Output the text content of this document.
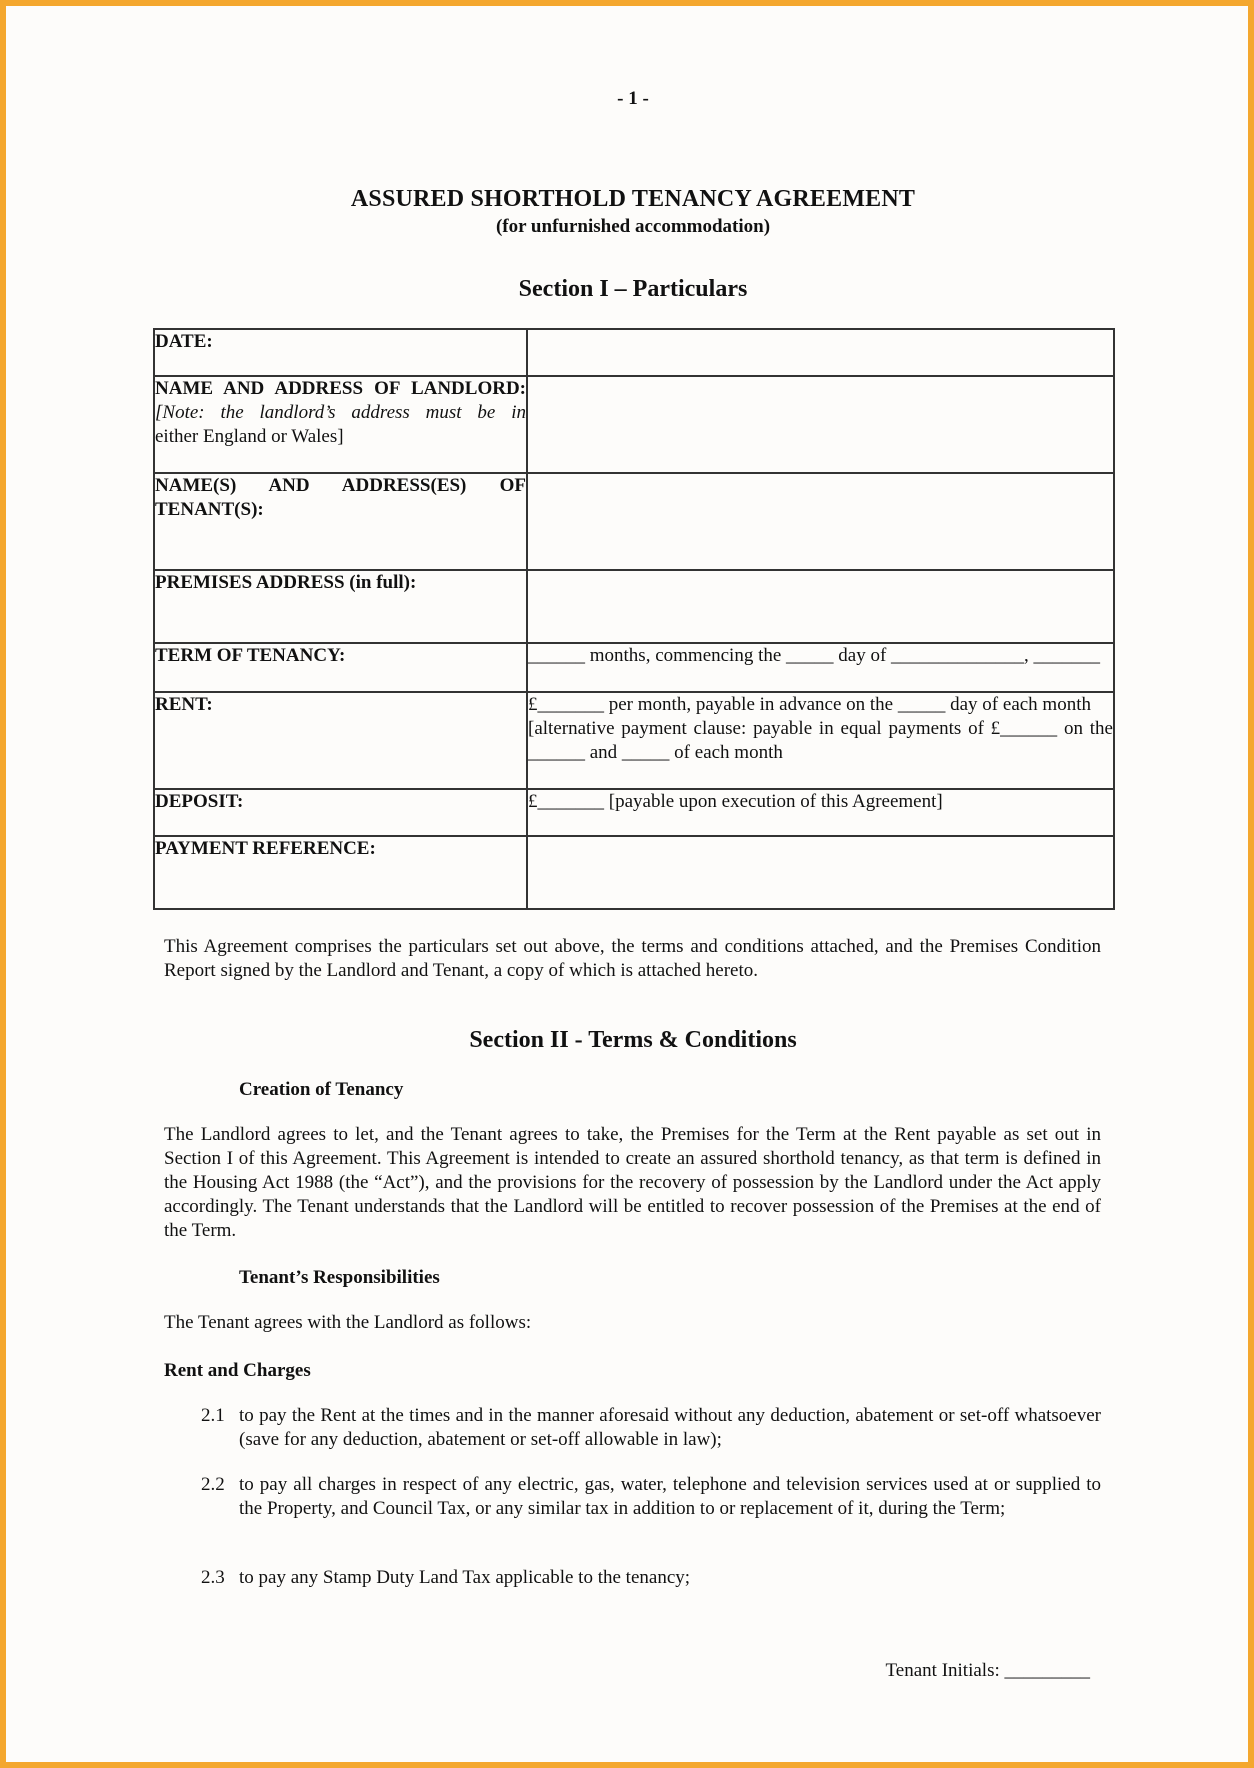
- 1 -
ASSURED SHORTHOLD TENANCY AGREEMENT
(for unfurnished accommodation)
Section I – Particulars
DATE:	

NAME AND ADDRESS OF LANDLORD:
[Note: the landlord’s address must be in
either England or Wales]	

NAME(S) AND ADDRESS(ES) OF TENANT(S):	

PREMISES ADDRESS (in full):	

TERM OF TENANCY:	______ months, commencing the _____ day of ______________, _______

RENT:	£_______ per month, payable in advance on the _____ day of each month
[alternative payment clause: payable in equal payments of £______ on the ______ and _____ of each month

DEPOSIT:	£_______ [payable upon execution of this Agreement]

PAYMENT REFERENCE:	

This Agreement comprises the particulars set out above, the terms and conditions attached, and the Premises Condition Report signed by the Landlord and Tenant, a copy of which is attached hereto.
Section II - Terms & Conditions
Creation of Tenancy
The Landlord agrees to let, and the Tenant agrees to take, the Premises for the Term at the Rent payable as set out in Section I of this Agreement. This Agreement is intended to create an assured shorthold tenancy, as that term is defined in the Housing Act 1988 (the “Act”), and the provisions for the recovery of possession by the Landlord under the Act apply accordingly. The Tenant understands that the Landlord will be entitled to recover possession of the Premises at the end of the Term.
Tenant’s Responsibilities
The Tenant agrees with the Landlord as follows:
Rent and Charges
2.1 to pay the Rent at the times and in the manner aforesaid without any deduction, abatement or set-off whatsoever (save for any deduction, abatement or set-off allowable in law);
2.2 to pay all charges in respect of any electric, gas, water, telephone and television services used at or supplied to the Property, and Council Tax, or any similar tax in addition to or replacement of it, during the Term;
2.3 to pay any Stamp Duty Land Tax applicable to the tenancy;
Tenant Initials: _________
